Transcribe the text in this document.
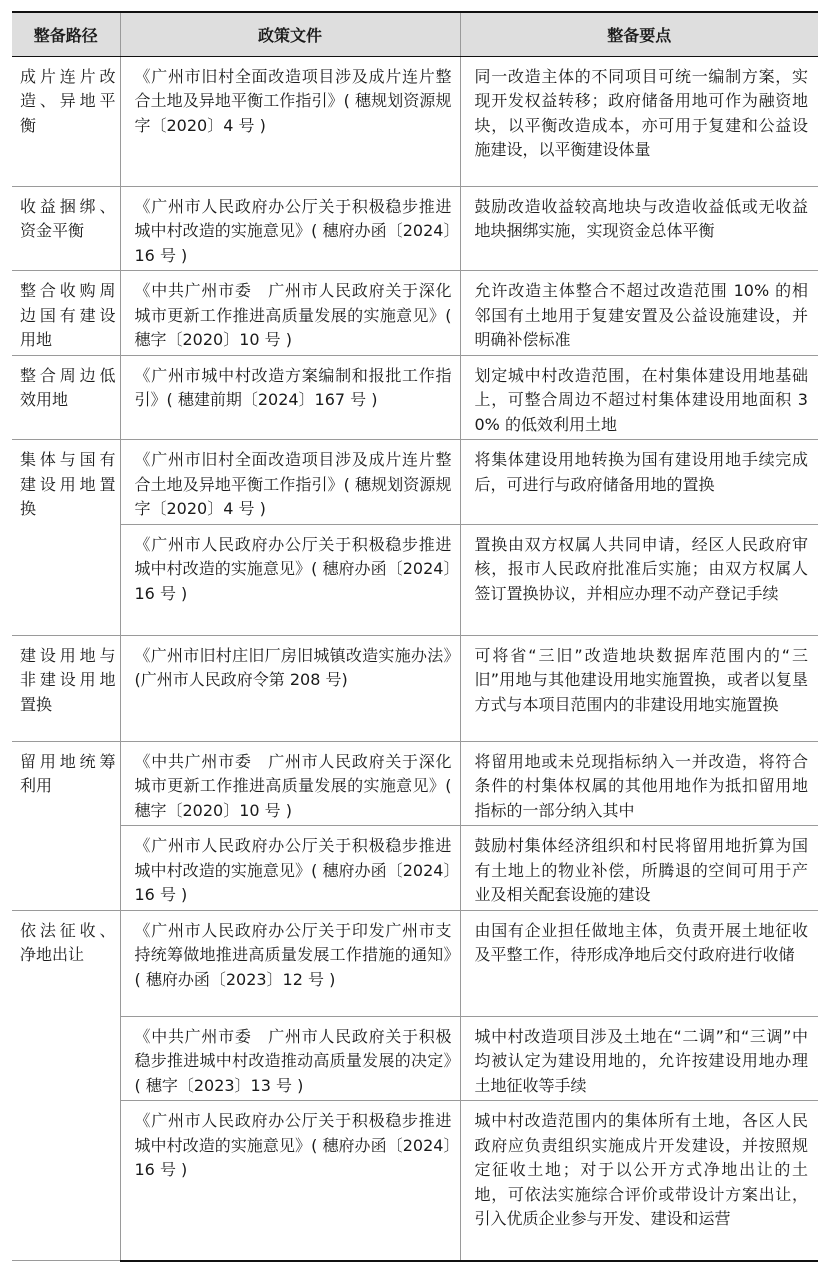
整备路径	政策文件	整备要点
成片连片改造、异地平衡	《广州市旧村全面改造项目涉及成片连片整合土地及异地平衡工作指引》( 穗规划资源规字〔2020〕4 号 )	同一改造主体的不同项目可统一编制方案，实现开发权益转移；政府储备用地可作为融资地块，以平衡改造成本，亦可用于复建和公益设施建设，以平衡建设体量
收益捆绑、资金平衡	《广州市人民政府办公厅关于积极稳步推进城中村改造的实施意见》( 穗府办函〔2024〕16 号 )	鼓励改造收益较高地块与改造收益低或无收益地块捆绑实施，实现资金总体平衡
整合收购周边国有建设用地	《中共广州市委　广州市人民政府关于深化城市更新工作推进高质量发展的实施意见》( 穗字〔2020〕10 号 )	允许改造主体整合不超过改造范围 10% 的相邻国有土地用于复建安置及公益设施建设，并明确补偿标准
整合周边低效用地	《广州市城中村改造方案编制和报批工作指引》( 穗建前期〔2024〕167 号 )	划定城中村改造范围，在村集体建设用地基础上，可整合周边不超过村集体建设用地面积 30% 的低效利用土地
集体与国有建设用地置换	《广州市旧村全面改造项目涉及成片连片整合土地及异地平衡工作指引》( 穗规划资源规字〔2020〕4 号 )	将集体建设用地转换为国有建设用地手续完成后，可进行与政府储备用地的置换
	《广州市人民政府办公厅关于积极稳步推进城中村改造的实施意见》( 穗府办函〔2024〕16 号 )	置换由双方权属人共同申请，经区人民政府审核，报市人民政府批准后实施；由双方权属人签订置换协议，并相应办理不动产登记手续
建设用地与非建设用地置换	《广州市旧村庄旧厂房旧城镇改造实施办法》(广州市人民政府令第 208 号)	可将省“三旧”改造地块数据库范围内的“三旧”用地与其他建设用地实施置换，或者以复垦方式与本项目范围内的非建设用地实施置换
留用地统筹利用	《中共广州市委　广州市人民政府关于深化城市更新工作推进高质量发展的实施意见》( 穗字〔2020〕10 号 )	将留用地或未兑现指标纳入一并改造，将符合条件的村集体权属的其他用地作为抵扣留用地指标的一部分纳入其中
	《广州市人民政府办公厅关于积极稳步推进城中村改造的实施意见》( 穗府办函〔2024〕16 号 )	鼓励村集体经济组织和村民将留用地折算为国有土地上的物业补偿，所腾退的空间可用于产业及相关配套设施的建设
依法征收、净地出让	《广州市人民政府办公厅关于印发广州市支持统筹做地推进高质量发展工作措施的通知》( 穗府办函〔2023〕12 号 )	由国有企业担任做地主体，负责开展土地征收及平整工作，待形成净地后交付政府进行收储
	《中共广州市委　广州市人民政府关于积极稳步推进城中村改造推动高质量发展的决定》( 穗字〔2023〕13 号 )	城中村改造项目涉及土地在“二调”和“三调”中均被认定为建设用地的，允许按建设用地办理土地征收等手续
	《广州市人民政府办公厅关于积极稳步推进城中村改造的实施意见》( 穗府办函〔2024〕16 号 )	城中村改造范围内的集体所有土地，各区人民政府应负责组织实施成片开发建设，并按照规定征收土地；对于以公开方式净地出让的土地，可依法实施综合评价或带设计方案出让，引入优质企业参与开发、建设和运营
